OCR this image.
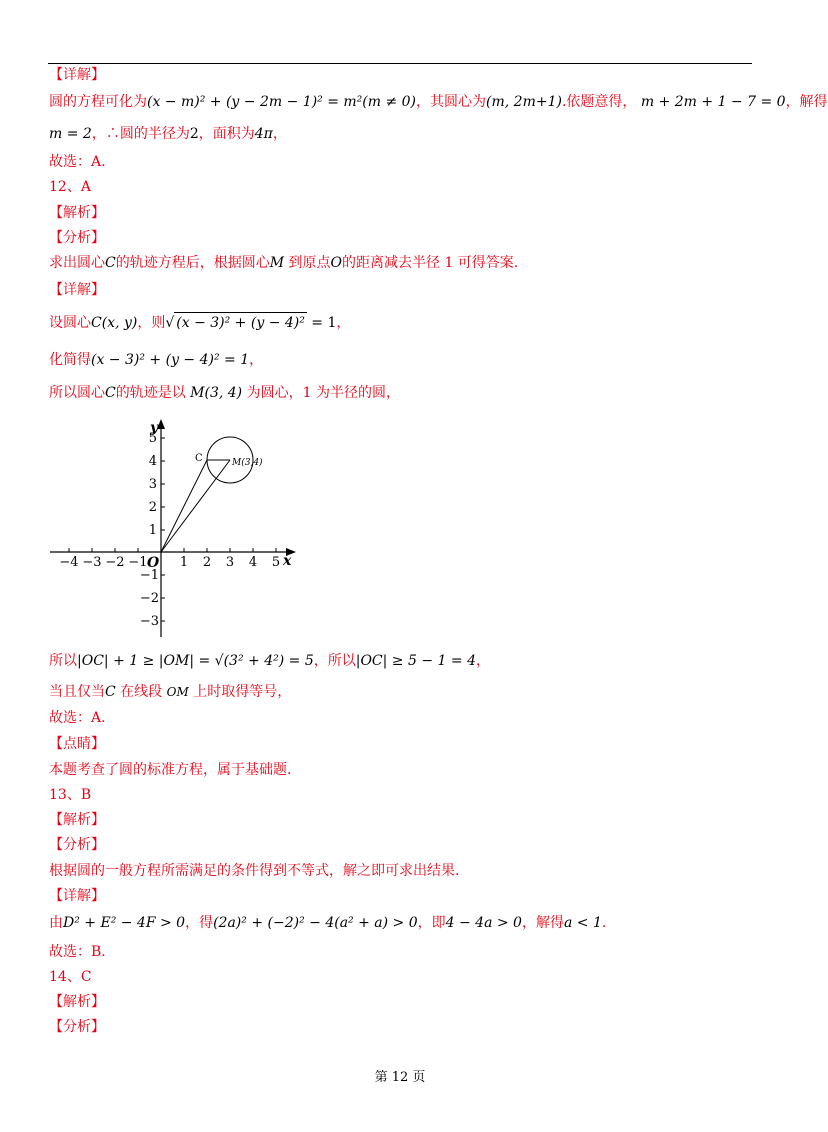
【详解】
圆的方程可化为(x − m)² + (y − 2m − 1)² = m²(m ≠ 0)，其圆心为(m, 2m+1).依题意得， m + 2m + 1 − 7 = 0，解得
m = 2，∴圆的半径为2，面积为4π，
故选：A.
12、A
【解析】
【分析】
求出圆心C的轨迹方程后，根据圆心M 到原点O的距离减去半径 1 可得答案.
【详解】
设圆心C(x, y)，则√ (x − 3)² + (y − 4)² = 1，
化简得(x − 3)² + (y − 4)² = 1，
所以圆心C的轨迹是以 M(3, 4) 为圆心，1 为半径的圆，
−4 −3 −2 −1 1 2 3 4 5
5
4
3
2
1
−1
−2
−3
y
x
O
C	M(3,4)
所以|OC| + 1 ≥ |OM| = √(3² + 4²) = 5，所以|OC| ≥ 5 − 1 = 4，
当且仅当C 在线段 OM 上时取得等号，
故选：A.
【点睛】
本题考查了圆的标准方程，属于基础题.
13、B
【解析】
【分析】
根据圆的一般方程所需满足的条件得到不等式，解之即可求出结果.
【详解】
由D² + E² − 4F > 0，得(2a)² + (−2)² − 4(a² + a) > 0，即4 − 4a > 0，解得a < 1.
故选：B.
14、C
【解析】
【分析】
第 12 页
